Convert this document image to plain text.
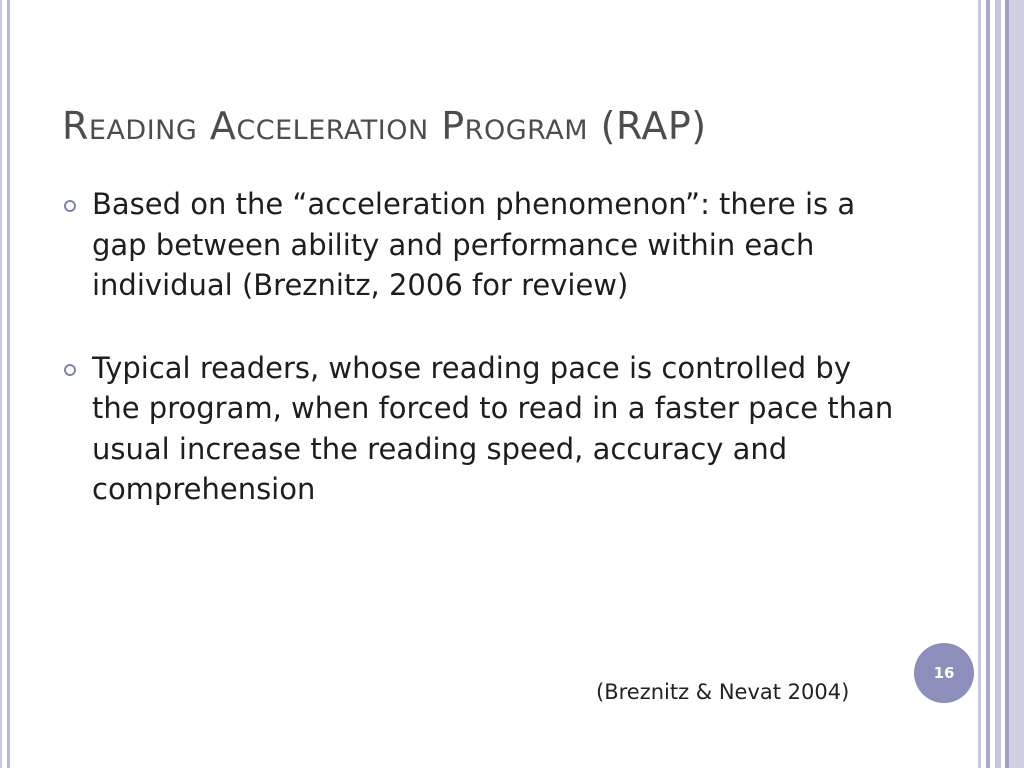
Reading Acceleration Program (RAP)
Based on the “acceleration phenomenon”: there is a gap between ability and performance within each individual (Breznitz, 2006 for review)
Typical readers, whose reading pace is controlled by the program, when forced to read in a faster pace than usual increase the reading speed, accuracy and comprehension
(Breznitz & Nevat 2004)
16
